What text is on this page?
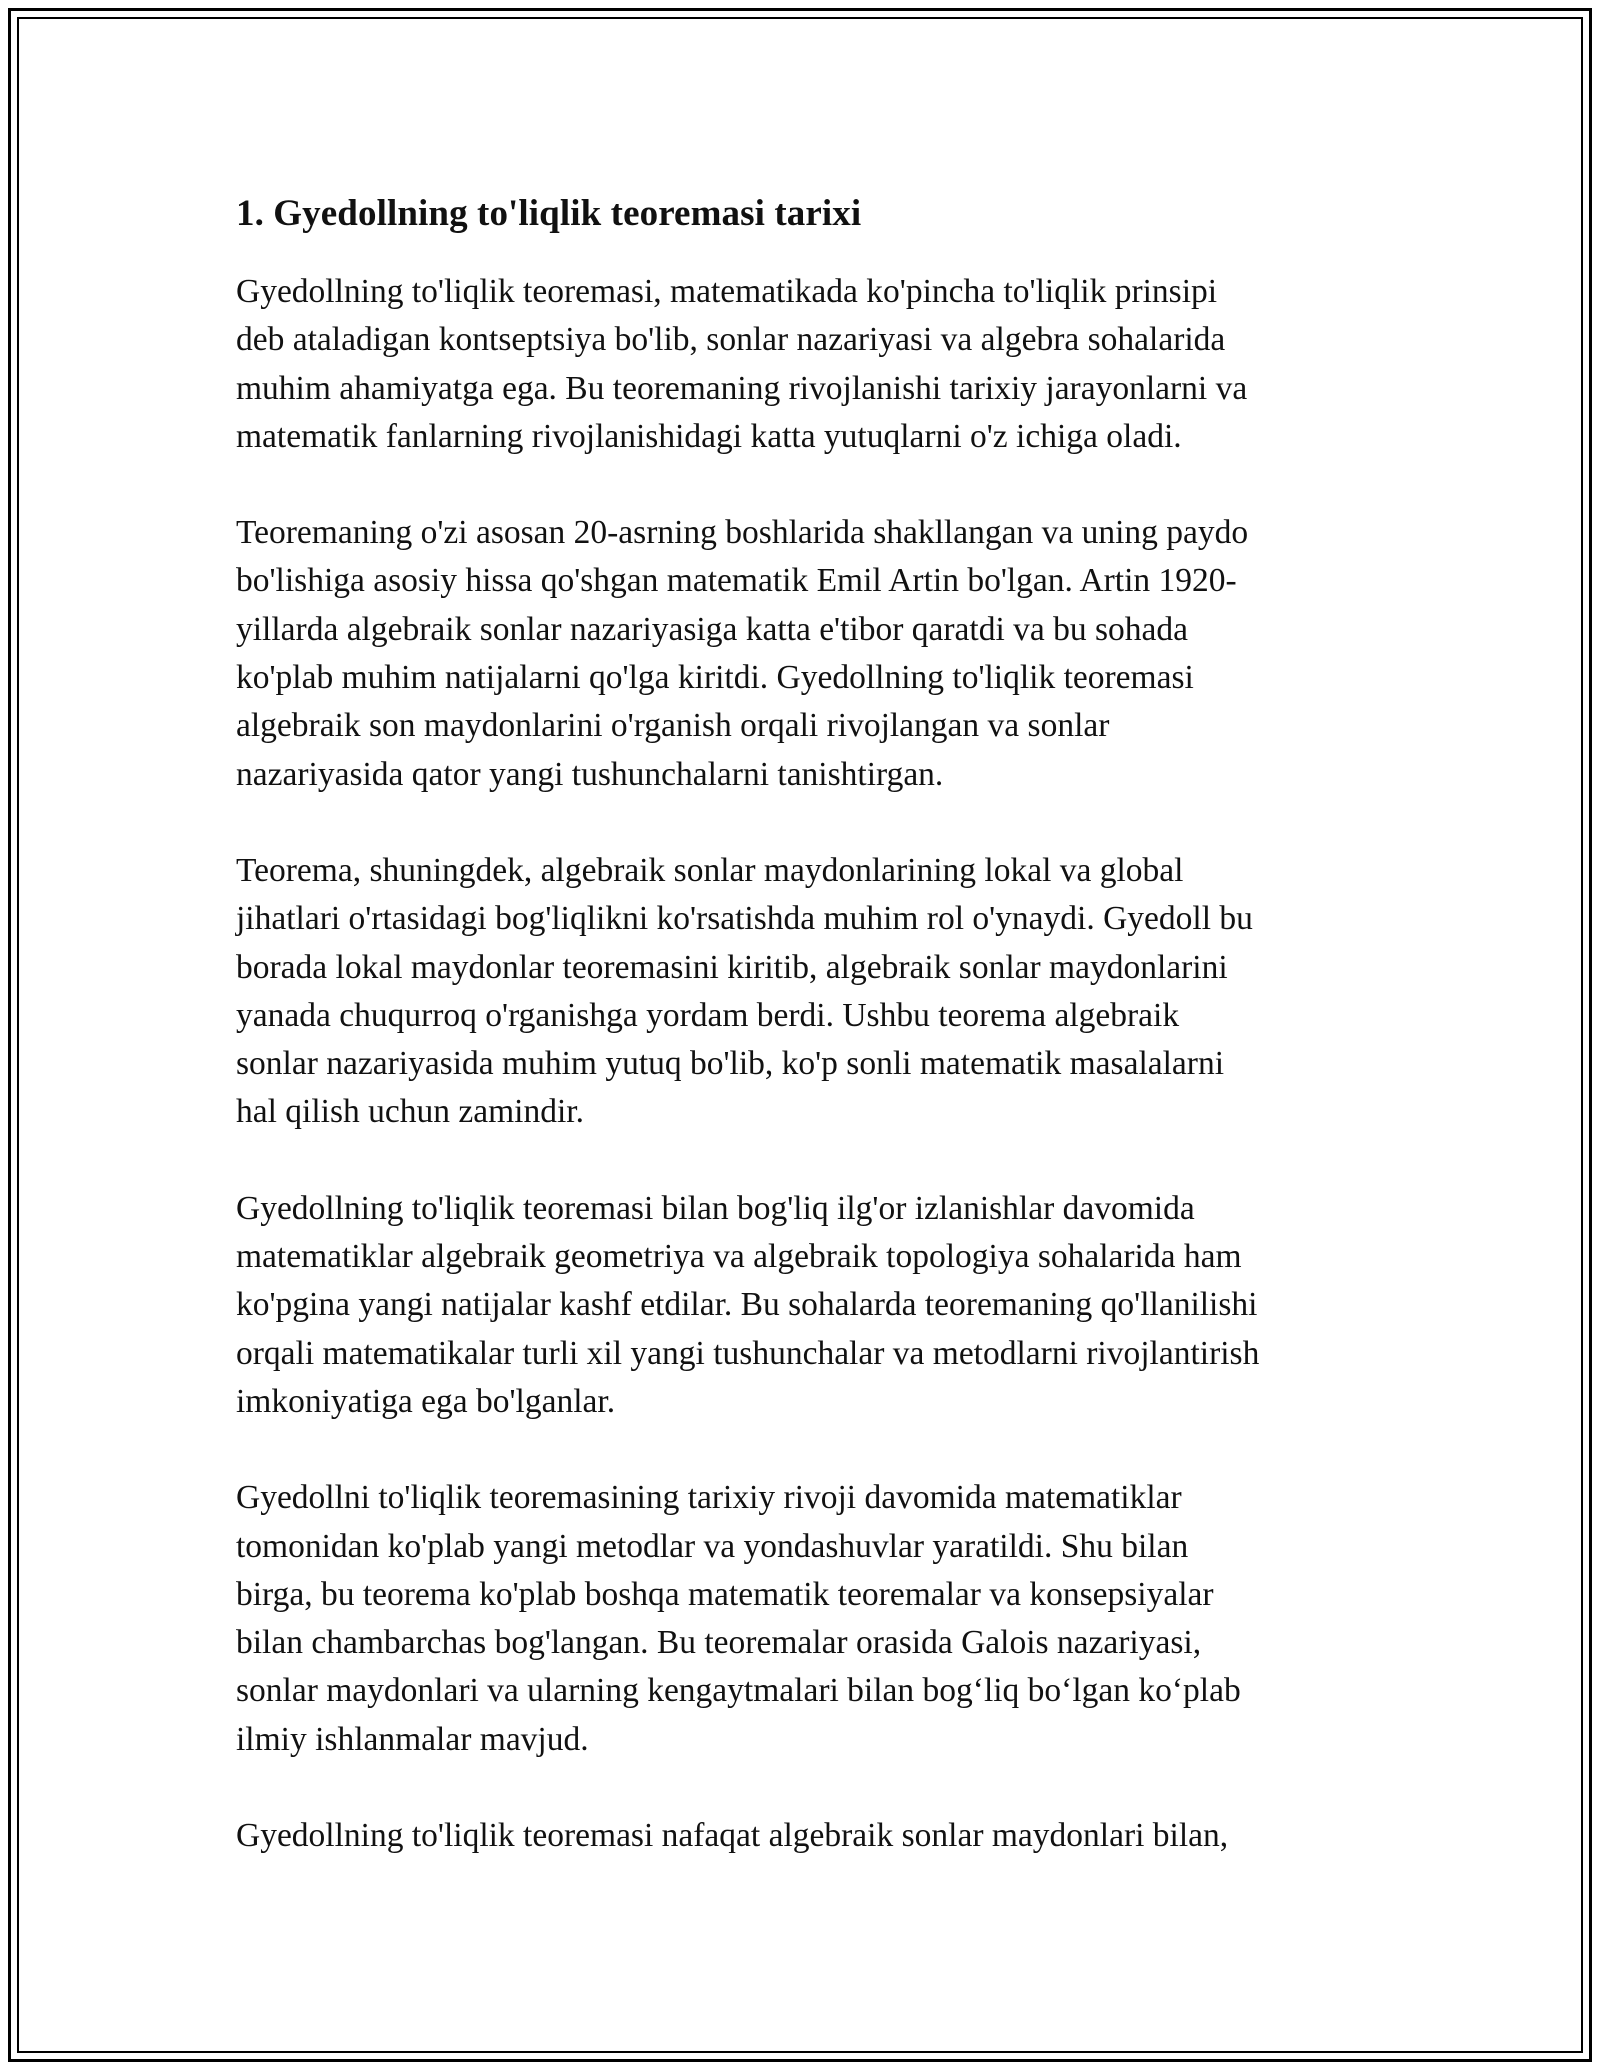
1. Gyedollning to'liqlik teoremasi tarixi

Gyedollning to'liqlik teoremasi, matematikada ko'pincha to'liqlik prinsipi
deb ataladigan kontseptsiya bo'lib, sonlar nazariyasi va algebra sohalarida
muhim ahamiyatga ega. Bu teoremaning rivojlanishi tarixiy jarayonlarni va
matematik fanlarning rivojlanishidagi katta yutuqlarni o'z ichiga oladi.

Teoremaning o'zi asosan 20-asrning boshlarida shakllangan va uning paydo
bo'lishiga asosiy hissa qo'shgan matematik Emil Artin bo'lgan. Artin 1920-
yillarda algebraik sonlar nazariyasiga katta e'tibor qaratdi va bu sohada
ko'plab muhim natijalarni qo'lga kiritdi. Gyedollning to'liqlik teoremasi
algebraik son maydonlarini o'rganish orqali rivojlangan va sonlar
nazariyasida qator yangi tushunchalarni tanishtirgan.

Teorema, shuningdek, algebraik sonlar maydonlarining lokal va global
jihatlari o'rtasidagi bog'liqlikni ko'rsatishda muhim rol o'ynaydi. Gyedoll bu
borada lokal maydonlar teoremasini kiritib, algebraik sonlar maydonlarini
yanada chuqurroq o'rganishga yordam berdi. Ushbu teorema algebraik
sonlar nazariyasida muhim yutuq bo'lib, ko'p sonli matematik masalalarni
hal qilish uchun zamindir.

Gyedollning to'liqlik teoremasi bilan bog'liq ilg'or izlanishlar davomida
matematiklar algebraik geometriya va algebraik topologiya sohalarida ham
ko'pgina yangi natijalar kashf etdilar. Bu sohalarda teoremaning qo'llanilishi
orqali matematikalar turli xil yangi tushunchalar va metodlarni rivojlantirish
imkoniyatiga ega bo'lganlar.

Gyedollni to'liqlik teoremasining tarixiy rivoji davomida matematiklar
tomonidan ko'plab yangi metodlar va yondashuvlar yaratildi. Shu bilan
birga, bu teorema ko'plab boshqa matematik teoremalar va konsepsiyalar
bilan chambarchas bog'langan. Bu teoremalar orasida Galois nazariyasi,
sonlar maydonlari va ularning kengaytmalari bilan bog‘liq bo‘lgan ko‘plab
ilmiy ishlanmalar mavjud.

Gyedollning to'liqlik teoremasi nafaqat algebraik sonlar maydonlari bilan,
